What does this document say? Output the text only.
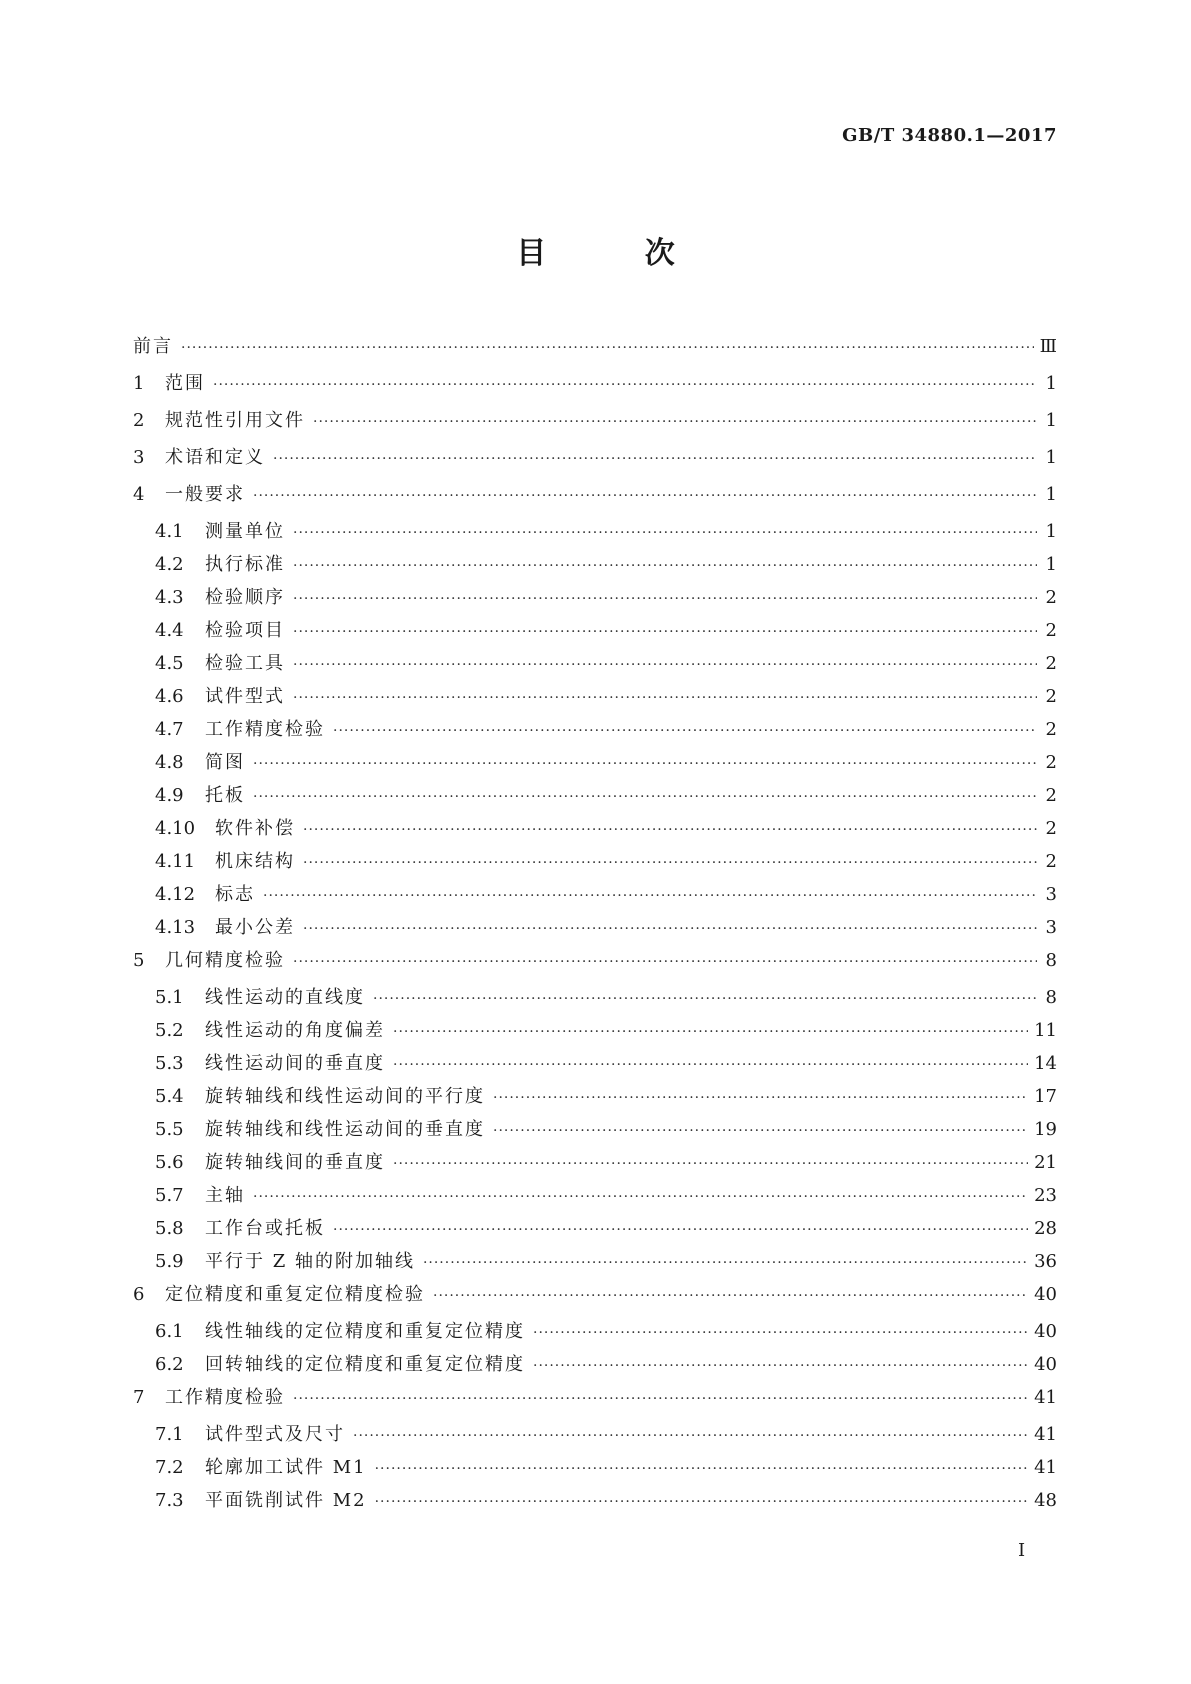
GB/T 34880.1—2017
目 次
前言 ·····	Ⅲ
1	范围 ·····	1
2	规范性引用文件 ·····	1
3	术语和定义 ·····	1
4	一般要求 ·····	1
4.1	测量单位 ·····	1
4.2	执行标准 ·····	1
4.3	检验顺序 ·····	2
4.4	检验项目 ·····	2
4.5	检验工具 ·····	2
4.6	试件型式 ·····	2
4.7	工作精度检验 ·····	2
4.8	简图 ·····	2
4.9	托板 ·····	2
4.10	软件补偿 ·····	2
4.11	机床结构 ·····	2
4.12	标志 ·····	3
4.13	最小公差 ·····	3
5	几何精度检验 ·····	8
5.1	线性运动的直线度 ·····	8
5.2	线性运动的角度偏差 ·····	11
5.3	线性运动间的垂直度 ·····	14
5.4	旋转轴线和线性运动间的平行度 ·····	17
5.5	旋转轴线和线性运动间的垂直度 ·····	19
5.6	旋转轴线间的垂直度 ·····	21
5.7	主轴 ·····	23
5.8	工作台或托板 ·····	28
5.9	平行于 Z 轴的附加轴线 ·····	36
6	定位精度和重复定位精度检验 ·····	40
6.1	线性轴线的定位精度和重复定位精度 ·····	40
6.2	回转轴线的定位精度和重复定位精度 ·····	40
7	工作精度检验 ·····	41
7.1	试件型式及尺寸 ·····	41
7.2	轮廓加工试件 M1 ·····	41
7.3	平面铣削试件 M2 ·····	48
I
